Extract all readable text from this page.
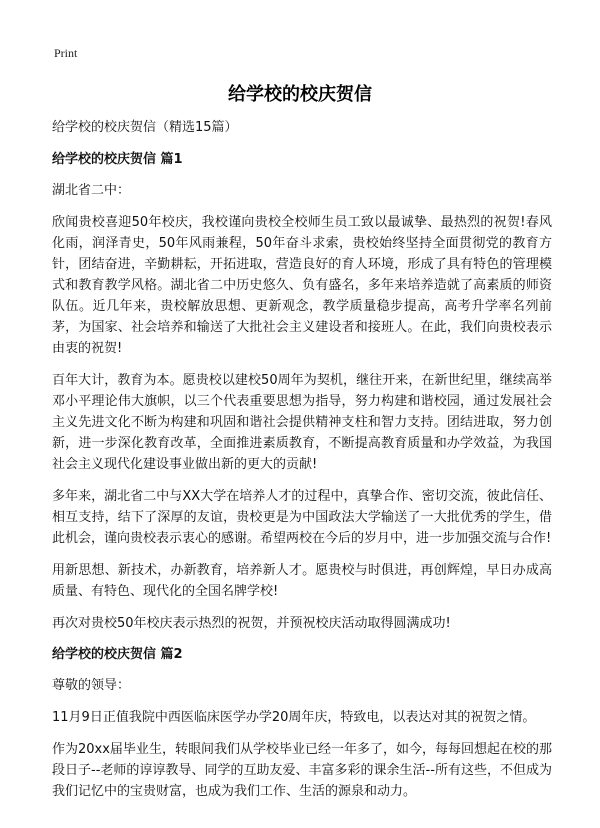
Print
给学校的校庆贺信

给学校的校庆贺信（精选15篇）

给学校的校庆贺信 篇1

湖北省二中：

欣闻贵校喜迎50年校庆，我校谨向贵校全校师生员工致以最诚挚、最热烈的祝贺!春风化雨，润泽青史，50年风雨兼程，50年奋斗求索，贵校始终坚持全面贯彻党的教育方针，团结奋进，辛勤耕耘，开拓进取，营造良好的育人环境，形成了具有特色的管理模式和教育教学风格。湖北省二中历史悠久、负有盛名，多年来培养造就了高素质的师资队伍。近几年来，贵校解放思想、更新观念，教学质量稳步提高，高考升学率名列前茅，为国家、社会培养和输送了大批社会主义建设者和接班人。在此，我们向贵校表示由衷的祝贺!

百年大计，教育为本。愿贵校以建校50周年为契机，继往开来，在新世纪里，继续高举邓小平理论伟大旗帜，以三个代表重要思想为指导，努力构建和谐校园，通过发展社会主义先进文化不断为构建和巩固和谐社会提供精神支柱和智力支持。团结进取，努力创新，进一步深化教育改革，全面推进素质教育，不断提高教育质量和办学效益，为我国社会主义现代化建设事业做出新的更大的贡献!

多年来，湖北省二中与XX大学在培养人才的过程中，真挚合作、密切交流，彼此信任、相互支持，结下了深厚的友谊，贵校更是为中国政法大学输送了一大批优秀的学生，借此机会，谨向贵校表示衷心的感谢。希望两校在今后的岁月中，进一步加强交流与合作!

用新思想、新技术，办新教育，培养新人才。愿贵校与时俱进，再创辉煌，早日办成高质量、有特色、现代化的全国名牌学校!

再次对贵校50年校庆表示热烈的祝贺，并预祝校庆活动取得圆满成功!

给学校的校庆贺信 篇2

尊敬的领导：

11月9日正值我院中西医临床医学办学20周年庆，特致电，以表达对其的祝贺之情。

作为20xx届毕业生，转眼间我们从学校毕业已经一年多了，如今，每每回想起在校的那段日子--老师的谆谆教导、同学的互助友爱、丰富多彩的课余生活--所有这些，不但成为我们记忆中的宝贵财富，也成为我们工作、生活的源泉和动力。
